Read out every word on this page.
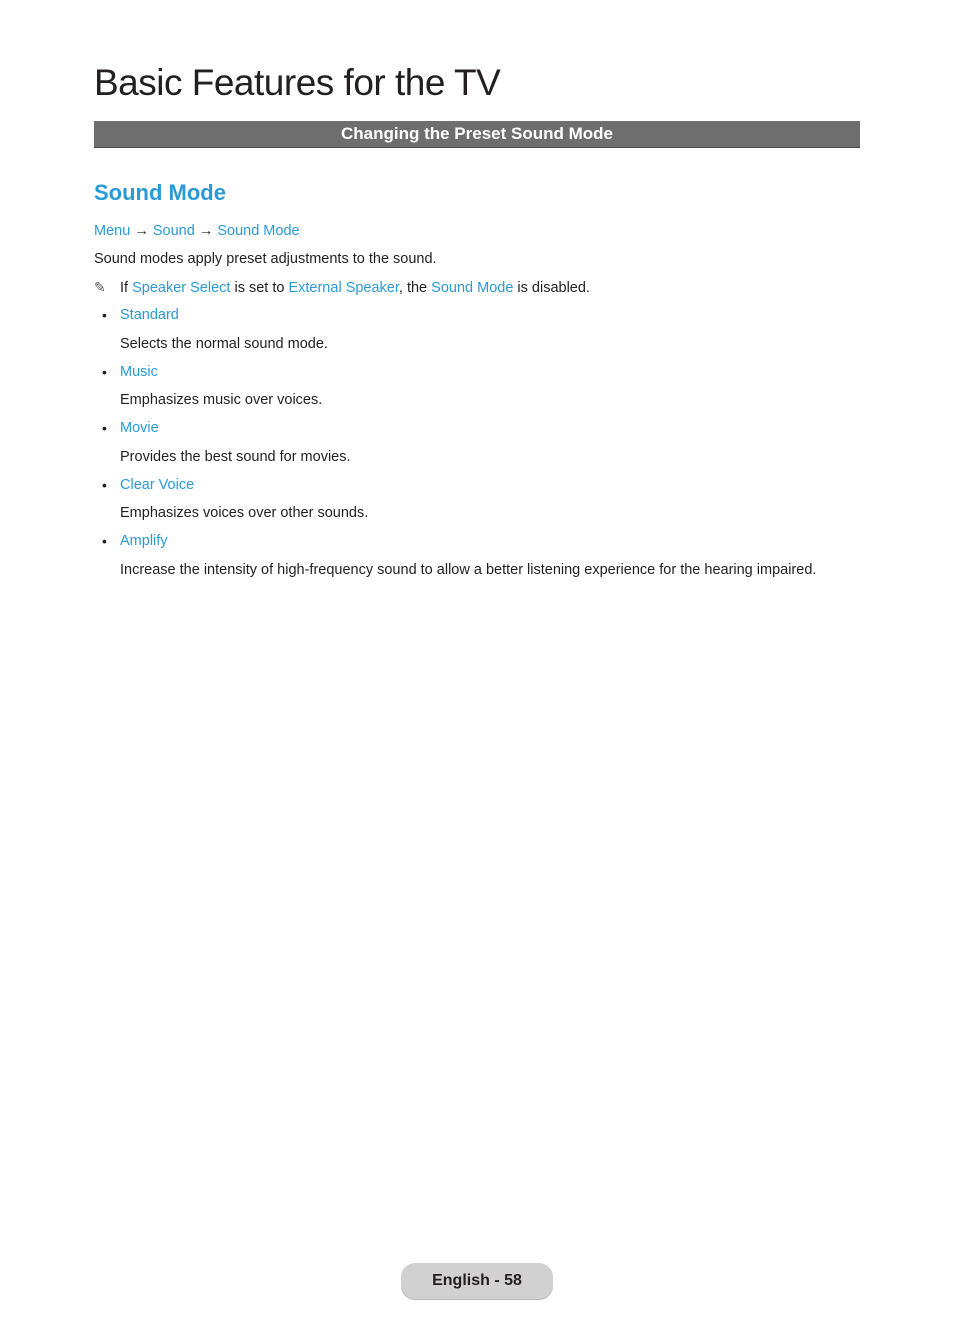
Basic Features for the TV
Changing the Preset Sound Mode
Sound Mode
Menu → Sound → Sound Mode
Sound modes apply preset adjustments to the sound.
✎ If Speaker Select is set to External Speaker, the Sound Mode is disabled.
• Standard
Selects the normal sound mode.
• Music
Emphasizes music over voices.
• Movie
Provides the best sound for movies.
• Clear Voice
Emphasizes voices over other sounds.
• Amplify
Increase the intensity of high-frequency sound to allow a better listening experience for the hearing impaired.
English - 58
